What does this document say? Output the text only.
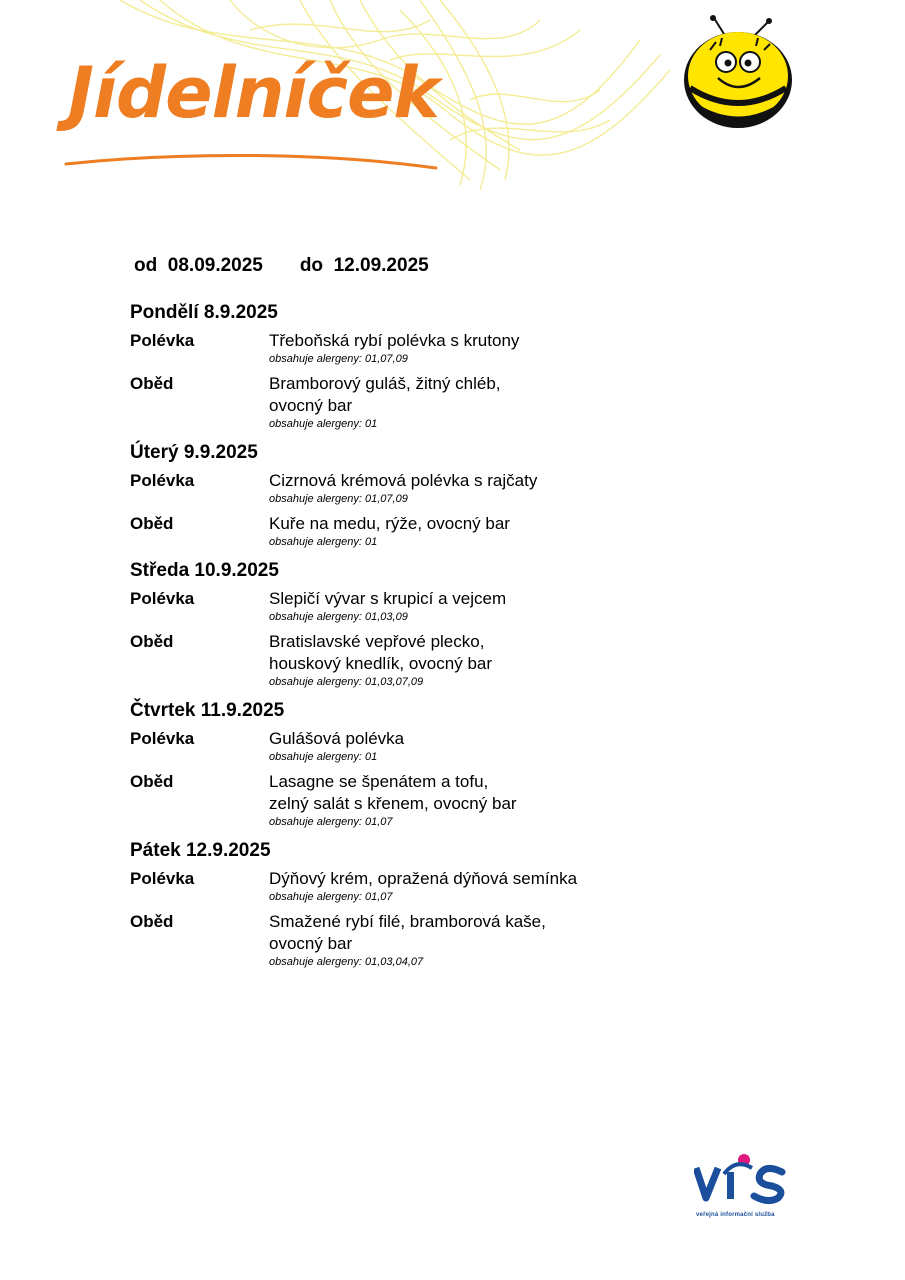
Jídelníček
od 08.09.2025 do 12.09.2025
Pondělí 8.9.2025
Polévka	Třeboňská rybí polévka s krutony
obsahuje alergeny: 01,07,09
Oběd	Bramborový guláš, žitný chléb,
ovocný bar
obsahuje alergeny: 01
Úterý 9.9.2025
Polévka	Cizrnová krémová polévka s rajčaty
obsahuje alergeny: 01,07,09
Oběd	Kuře na medu, rýže, ovocný bar
obsahuje alergeny: 01
Středa 10.9.2025
Polévka	Slepičí vývar s krupicí a vejcem
obsahuje alergeny: 01,03,09
Oběd	Bratislavské vepřové plecko,
houskový knedlík, ovocný bar
obsahuje alergeny: 01,03,07,09
Čtvrtek 11.9.2025
Polévka	Gulášová polévka
obsahuje alergeny: 01
Oběd	Lasagne se špenátem a tofu,
zelný salát s křenem, ovocný bar
obsahuje alergeny: 01,07
Pátek 12.9.2025
Polévka	Dýňový krém, opražená dýňová semínka
obsahuje alergeny: 01,07
Oběd	Smažené rybí filé, bramborová kaše,
ovocný bar
obsahuje alergeny: 01,03,04,07
veřejná informační služba
